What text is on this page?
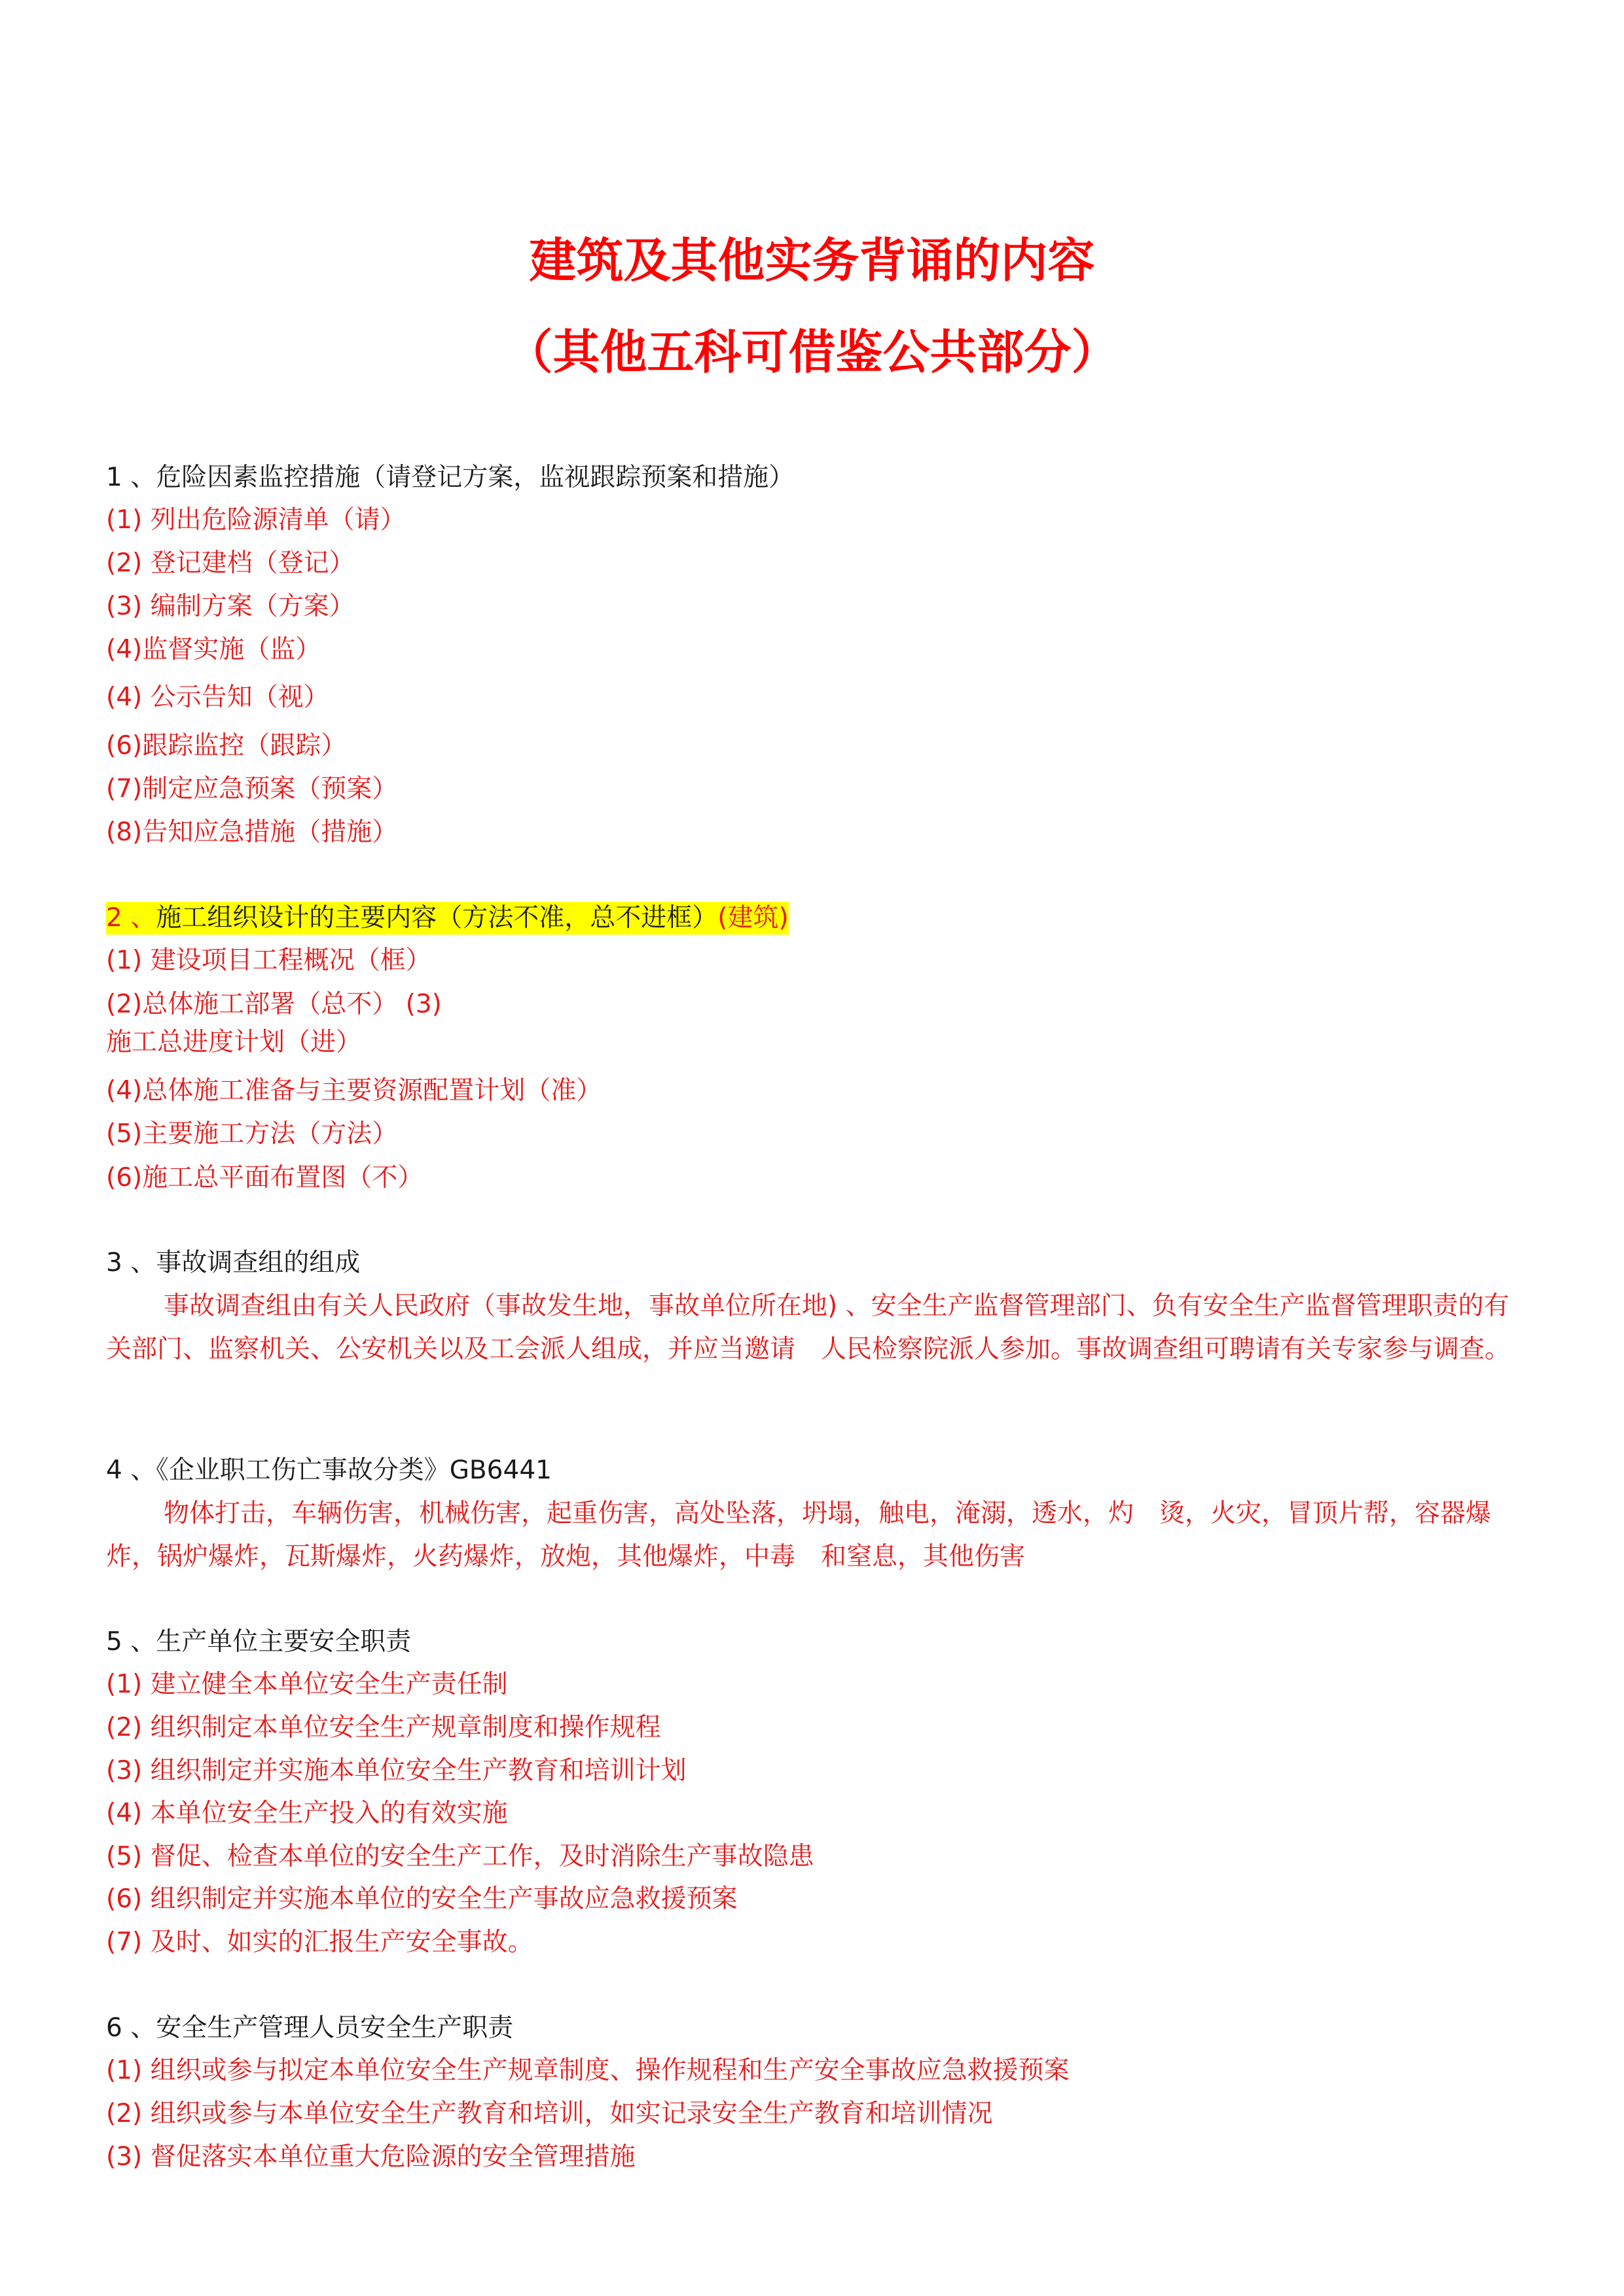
建筑及其他实务背诵的内容
（其他五科可借鉴公共部分）
1 、危险因素监控措施（请登记方案，监视跟踪预案和措施）
(1) 列出危险源清单（请）
(2) 登记建档（登记）
(3) 编制方案（方案）
(4)监督实施（监）
(4) 公示告知（视）
(6)跟踪监控（跟踪）
(7)制定应急预案（预案）
(8)告知应急措施（措施）
2 、施工组织设计的主要内容（方法不准，总不进框）(建筑)
(1) 建设项目工程概况（框）
(2)总体施工部署（总不） (3)
施工总进度计划（进）
(4)总体施工准备与主要资源配置计划（准）
(5)主要施工方法（方法）
(6)施工总平面布置图（不）
3 、事故调查组的组成
事故调查组由有关人民政府（事故发生地，事故单位所在地) 、安全生产监督管理部门、负有安全生产监督管理职责的有关部门、监察机关、公安机关以及工会派人组成，并应当邀请　人民检察院派人参加。事故调查组可聘请有关专家参与调查。
4 、《企业职工伤亡事故分类》GB6441
物体打击，车辆伤害，机械伤害，起重伤害，高处坠落，坍塌，触电，淹溺，透水，灼　烫，火灾，冒顶片帮，容器爆炸，锅炉爆炸，瓦斯爆炸，火药爆炸，放炮，其他爆炸，中毒　和窒息，其他伤害
5 、生产单位主要安全职责
(1) 建立健全本单位安全生产责任制
(2) 组织制定本单位安全生产规章制度和操作规程
(3) 组织制定并实施本单位安全生产教育和培训计划
(4) 本单位安全生产投入的有效实施
(5) 督促、检查本单位的安全生产工作，及时消除生产事故隐患
(6) 组织制定并实施本单位的安全生产事故应急救援预案
(7) 及时、如实的汇报生产安全事故。
6 、安全生产管理人员安全生产职责
(1) 组织或参与拟定本单位安全生产规章制度、操作规程和生产安全事故应急救援预案
(2) 组织或参与本单位安全生产教育和培训，如实记录安全生产教育和培训情况
(3) 督促落实本单位重大危险源的安全管理措施
